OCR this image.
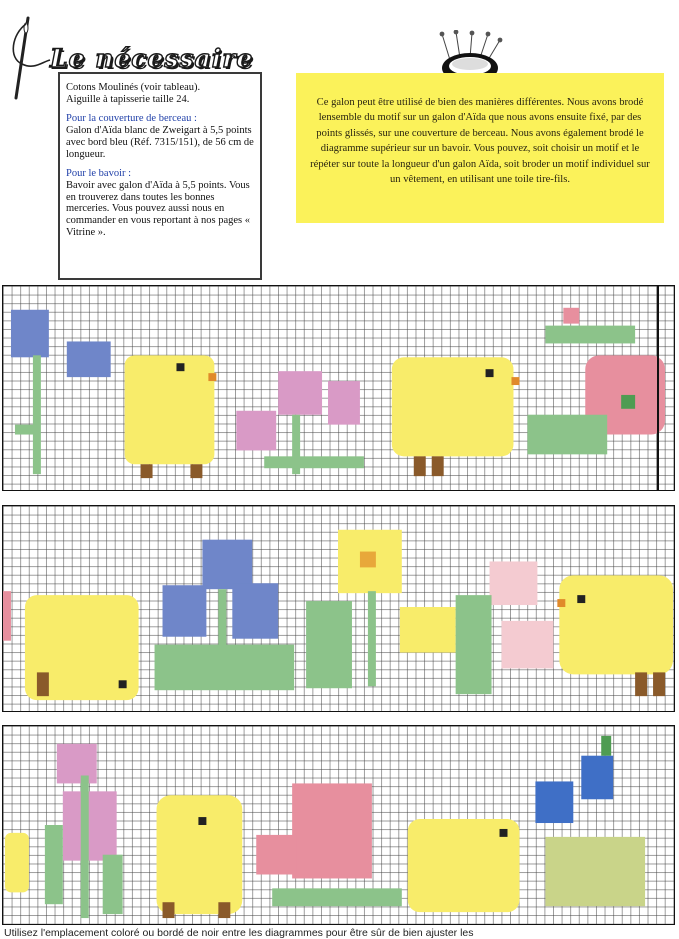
Le nécessaire
Cotons Moulinés (voir tableau).
Aiguille à tapisserie taille 24.
Pour la couverture de berceau :
Galon d'Aïda blanc de Zweigart à 5,5 points avec bord bleu (Réf. 7315/151), de 56 cm de longueur.
Pour le bavoir :
Bavoir avec galon d'Aïda à 5,5 points. Vous en trouverez dans toutes les bonnes merceries. Vous pouvez aussi nous en commander en vous reportant à nos pages « Vitrine ».
Ce galon peut être utilisé de bien des manières différentes. Nous avons brodé lensemble du motif sur un galon d'Aïda que nous avons ensuite fixé, par des points glissés, sur une couverture de berceau. Nous avons également brodé le diagramme supérieur sur un bavoir. Vous pouvez, soit choisir un motif et le répéter sur toute la longueur d'un galon Aïda, soit broder un motif individuel sur un vêtement, en utilisant une toile tire-fils.
Utilisez l'emplacement coloré ou bordé de noir entre les diagrammes pour être sûr de bien ajuster les
